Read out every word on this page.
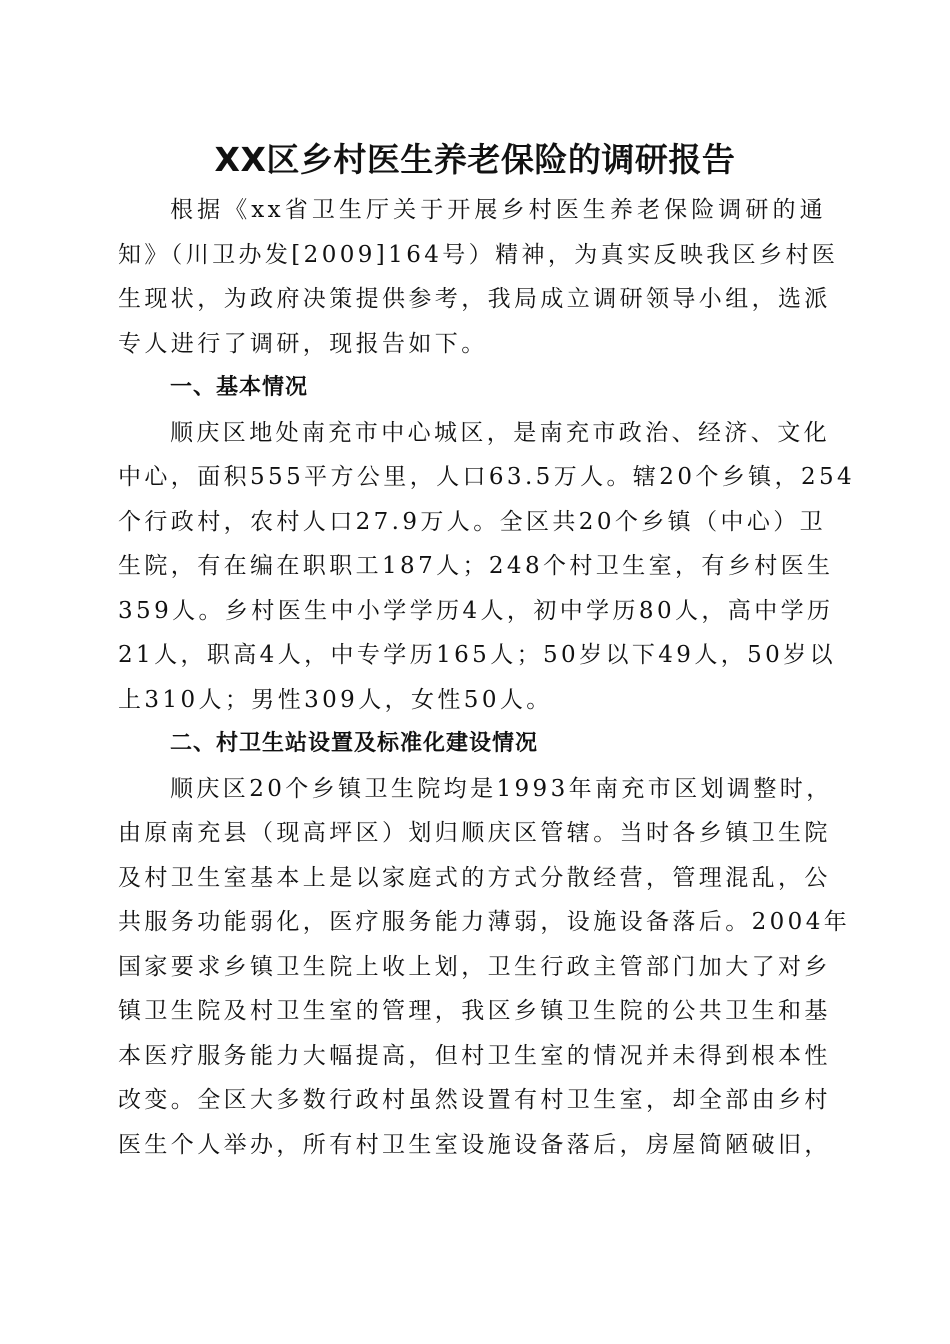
XX区乡村医生养老保险的调研报告
根据《xx省卫生厅关于开展乡村医生养老保险调研的通
知》（川卫办发[2009]164号）精神，为真实反映我区乡村医
生现状，为政府决策提供参考，我局成立调研领导小组，选派
专人进行了调研，现报告如下。
一、基本情况
顺庆区地处南充市中心城区，是南充市政治、经济、文化
中心，面积555平方公里，人口63.5万人。辖20个乡镇，254
个行政村，农村人口27.9万人。全区共20个乡镇（中心）卫
生院，有在编在职职工187人；248个村卫生室，有乡村医生
359人。乡村医生中小学学历4人，初中学历80人，高中学历
21人，职高4人，中专学历165人；50岁以下49人，50岁以
上310人；男性309人，女性50人。
二、村卫生站设置及标准化建设情况
顺庆区20个乡镇卫生院均是1993年南充市区划调整时，
由原南充县（现高坪区）划归顺庆区管辖。当时各乡镇卫生院
及村卫生室基本上是以家庭式的方式分散经营，管理混乱，公
共服务功能弱化，医疗服务能力薄弱，设施设备落后。2004年
国家要求乡镇卫生院上收上划，卫生行政主管部门加大了对乡
镇卫生院及村卫生室的管理，我区乡镇卫生院的公共卫生和基
本医疗服务能力大幅提高，但村卫生室的情况并未得到根本性
改变。全区大多数行政村虽然设置有村卫生室，却全部由乡村
医生个人举办，所有村卫生室设施设备落后，房屋简陋破旧，
